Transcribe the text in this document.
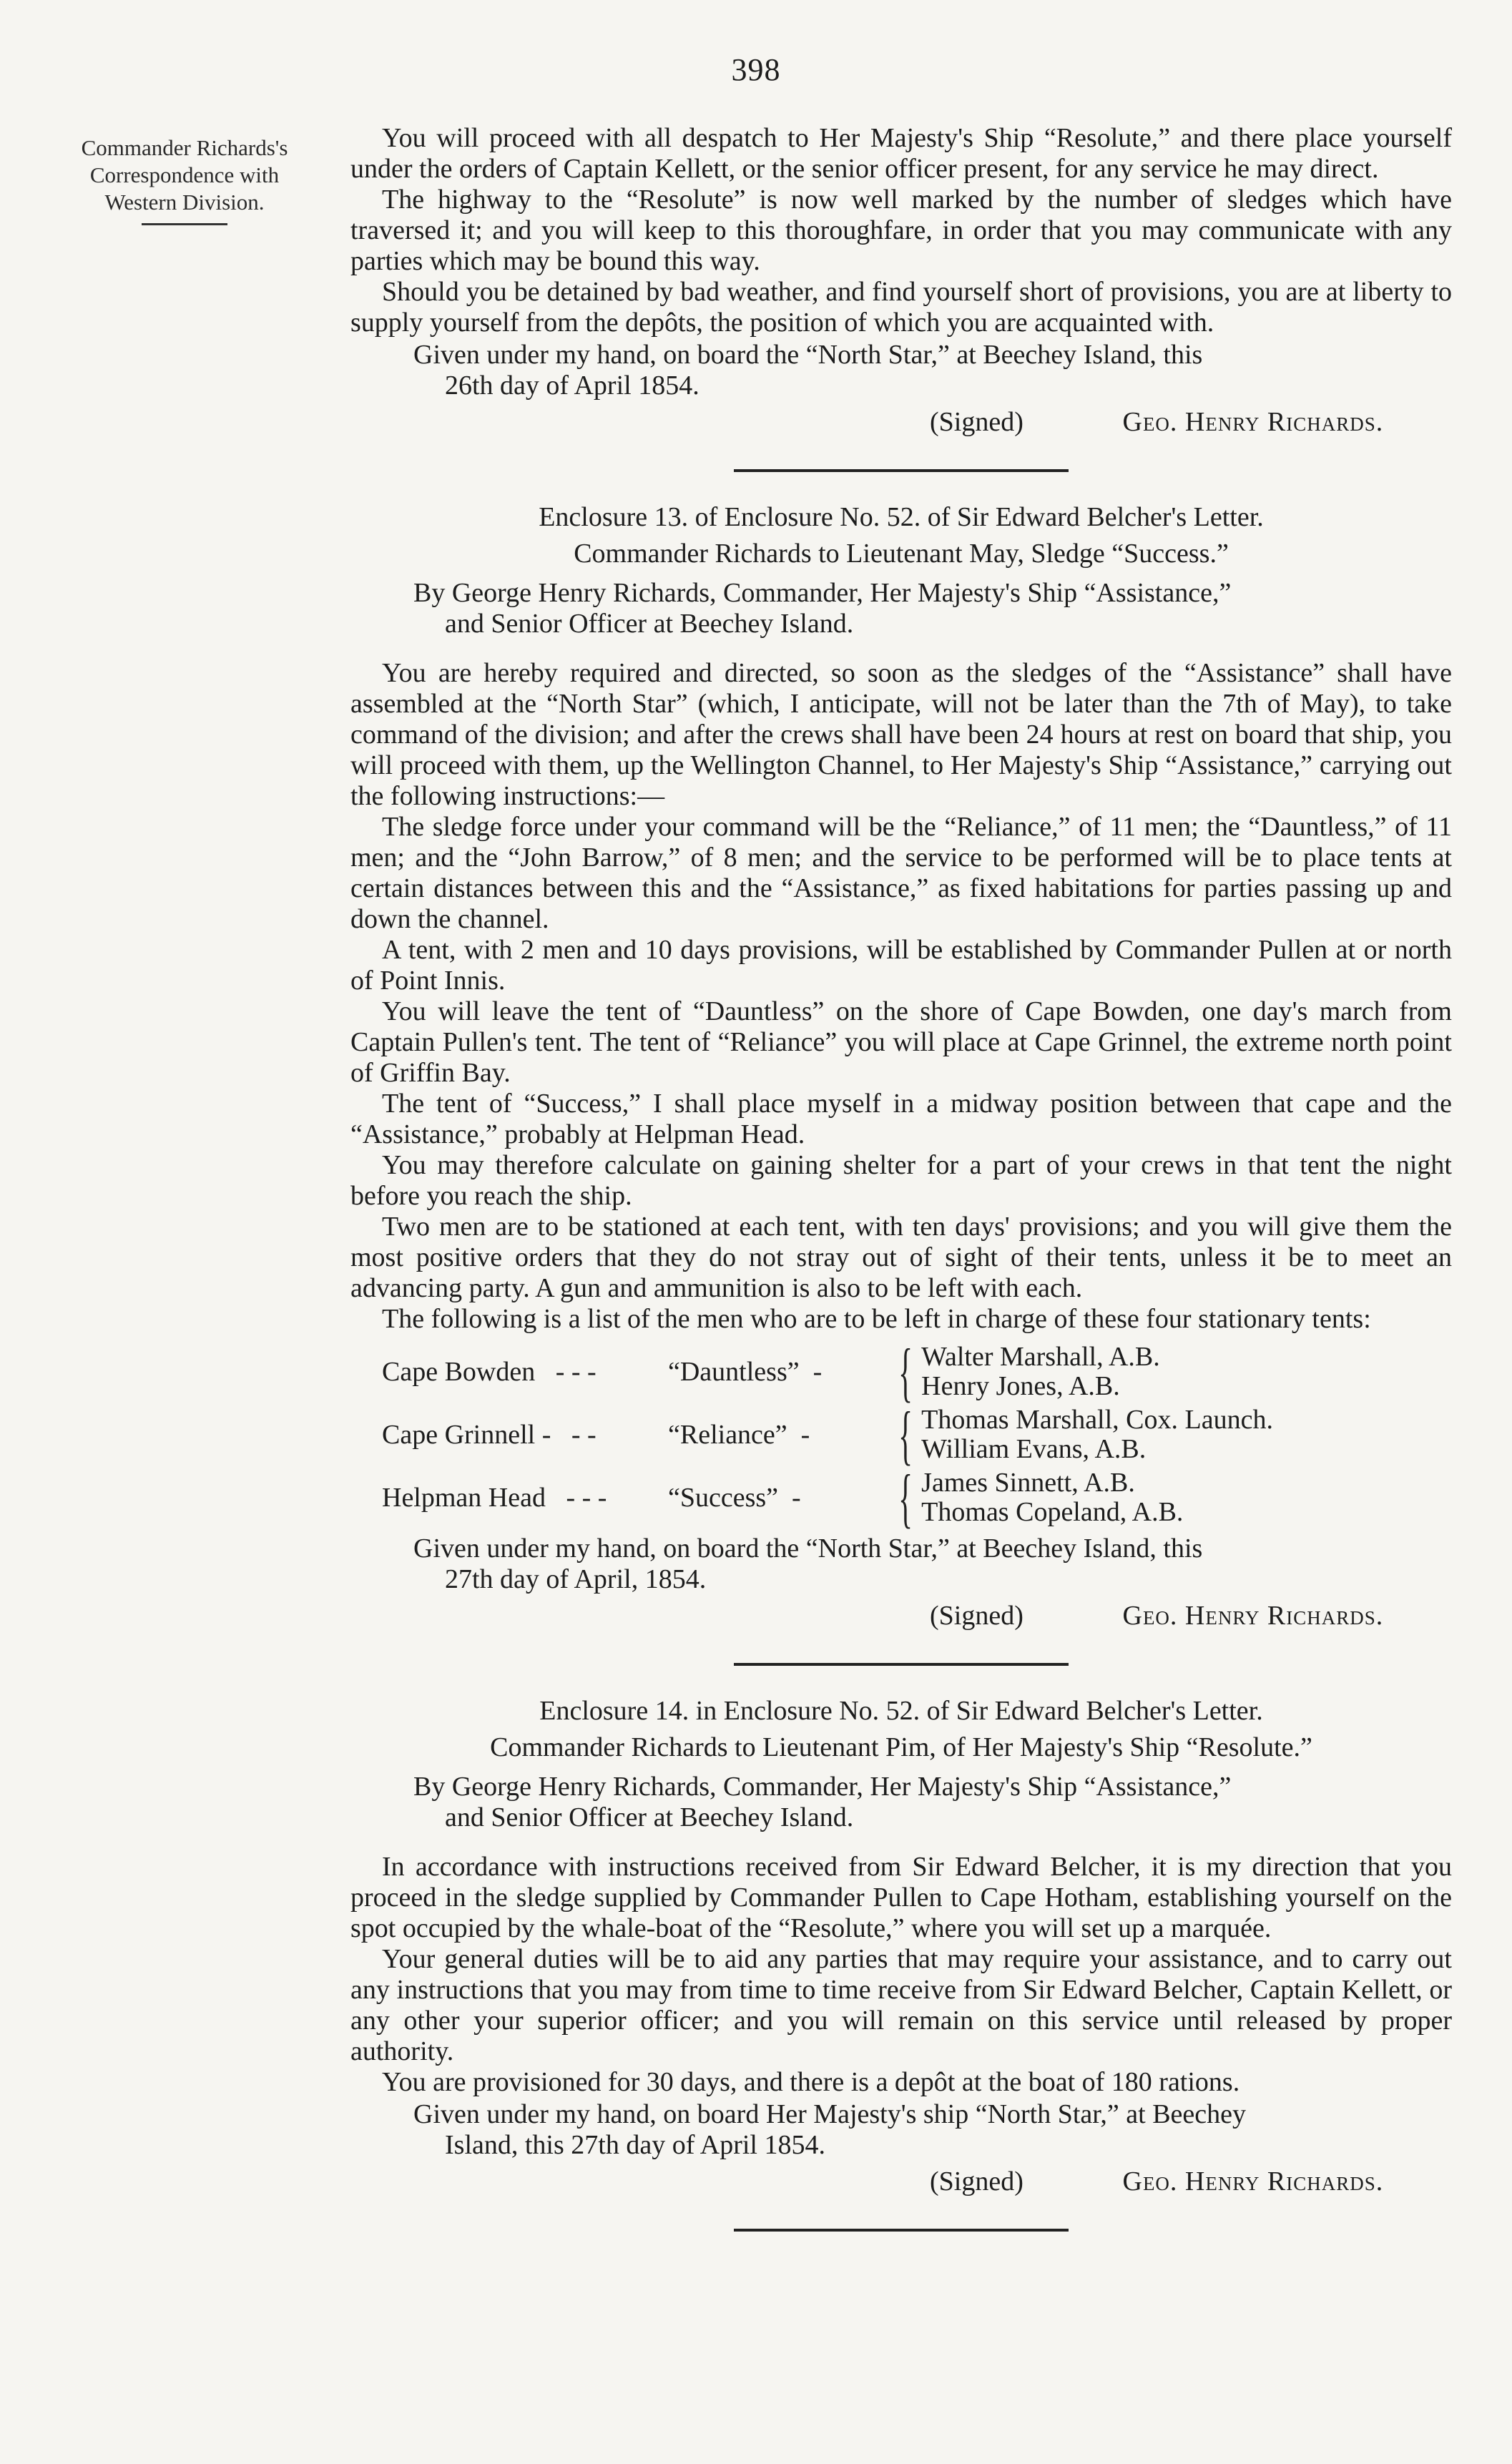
398
Commander Richards's
Correspondence with
Western Division.

You will proceed with all despatch to Her Majesty's Ship “Resolute,” and there place yourself under the orders of Captain Kellett, or the senior officer present, for any service he may direct.

The highway to the “Resolute” is now well marked by the number of sledges which have traversed it; and you will keep to this thoroughfare, in order that you may communicate with any parties which may be bound this way.

Should you be detained by bad weather, and find yourself short of provisions, you are at liberty to supply yourself from the depôts, the position of which you are acquainted with.

Given under my hand, on board the “North Star,” at Beechey Island, this
26th day of April 1854.

(Signed)	Geo. Henry Richards.
Enclosure 13. of Enclosure No. 52. of Sir Edward Belcher's Letter.
Commander Richards to Lieutenant May, Sledge “Success.”

By George Henry Richards, Commander, Her Majesty's Ship “Assistance,”
and Senior Officer at Beechey Island.

You are hereby required and directed, so soon as the sledges of the “Assistance” shall have assembled at the “North Star” (which, I anticipate, will not be later than the 7th of May), to take command of the division; and after the crews shall have been 24 hours at rest on board that ship, you will proceed with them, up the Wellington Channel, to Her Majesty's Ship “Assistance,” carrying out the following instructions:—

The sledge force under your command will be the “Reliance,” of 11 men; the “Dauntless,” of 11 men; and the “John Barrow,” of 8 men; and the service to be performed will be to place tents at certain distances between this and the “Assistance,” as fixed habitations for parties passing up and down the channel.

A tent, with 2 men and 10 days provisions, will be established by Commander Pullen at or north of Point Innis.

You will leave the tent of “Dauntless” on the shore of Cape Bowden, one day's march from Captain Pullen's tent. The tent of “Reliance” you will place at Cape Grinnel, the extreme north point of Griffin Bay.

The tent of “Success,” I shall place myself in a midway position between that cape and the “Assistance,” probably at Helpman Head.

You may therefore calculate on gaining shelter for a part of your crews in that tent the night before you reach the ship.

Two men are to be stationed at each tent, with ten days' provisions; and you will give them the most positive orders that they do not stray out of sight of their tents, unless it be to meet an advancing party. A gun and ammunition is also to be left with each.

The following is a list of the men who are to be left in charge of these four stationary tents:

Cape Bowden - - -	“Dauntless” -	{	Walter Marshall, A.B.
Henry Jones, A.B.

Cape Grinnell - - -	“Reliance” -	{	Thomas Marshall, Cox. Launch.
William Evans, A.B.

Helpman Head - - -	“Success” -	{	James Sinnett, A.B.
Thomas Copeland, A.B.

Given under my hand, on board the “North Star,” at Beechey Island, this
27th day of April, 1854.

(Signed)	Geo. Henry Richards.
Enclosure 14. in Enclosure No. 52. of Sir Edward Belcher's Letter.
Commander Richards to Lieutenant Pim, of Her Majesty's Ship “Resolute.”

By George Henry Richards, Commander, Her Majesty's Ship “Assistance,”
and Senior Officer at Beechey Island.

In accordance with instructions received from Sir Edward Belcher, it is my direction that you proceed in the sledge supplied by Commander Pullen to Cape Hotham, establishing yourself on the spot occupied by the whale-boat of the “Resolute,” where you will set up a marquée.

Your general duties will be to aid any parties that may require your assistance, and to carry out any instructions that you may from time to time receive from Sir Edward Belcher, Captain Kellett, or any other your superior officer; and you will remain on this service until released by proper authority.

You are provisioned for 30 days, and there is a depôt at the boat of 180 rations.

Given under my hand, on board Her Majesty's ship “North Star,” at Beechey
Island, this 27th day of April 1854.

(Signed)	Geo. Henry Richards.
